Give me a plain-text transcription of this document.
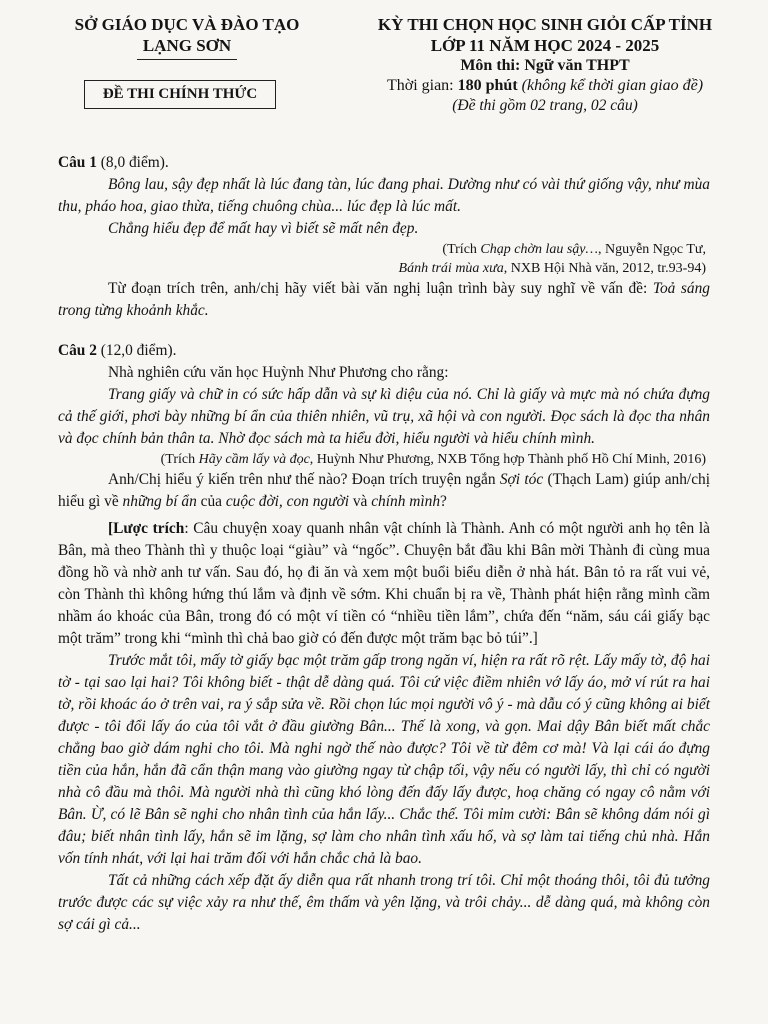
SỞ GIÁO DỤC VÀ ĐÀO TẠO
LẠNG SƠN
ĐỀ THI CHÍNH THỨC
KỲ THI CHỌN HỌC SINH GIỎI CẤP TỈNH
LỚP 11 NĂM HỌC 2024 - 2025
Môn thi: Ngữ văn THPT
Thời gian: 180 phút (không kể thời gian giao đề)
(Đề thi gồm 02 trang, 02 câu)

Câu 1 (8,0 điểm).

Bông lau, sậy đẹp nhất là lúc đang tàn, lúc đang phai. Dường như có vài thứ giống vậy, như mùa thu, pháo hoa, giao thừa, tiếng chuông chùa... lúc đẹp là lúc mất.

Chẳng hiểu đẹp để mất hay vì biết sẽ mất nên đẹp.

(Trích Chạp chờn lau sậy…, Nguyễn Ngọc Tư,
Bánh trái mùa xưa, NXB Hội Nhà văn, 2012, tr.93-94)

Từ đoạn trích trên, anh/chị hãy viết bài văn nghị luận trình bày suy nghĩ về vấn đề: Toả sáng trong từng khoảnh khắc.

Câu 2 (12,0 điểm).

Nhà nghiên cứu văn học Huỳnh Như Phương cho rằng:

Trang giấy và chữ in có sức hấp dẫn và sự kì diệu của nó. Chỉ là giấy và mực mà nó chứa đựng cả thế giới, phơi bày những bí ẩn của thiên nhiên, vũ trụ, xã hội và con người. Đọc sách là đọc tha nhân và đọc chính bản thân ta. Nhờ đọc sách mà ta hiểu đời, hiểu người và hiểu chính mình.

(Trích Hãy cầm lấy và đọc, Huỳnh Như Phương, NXB Tổng hợp Thành phố Hồ Chí Minh, 2016)

Anh/Chị hiểu ý kiến trên như thế nào? Đoạn trích truyện ngắn Sợi tóc (Thạch Lam) giúp anh/chị hiểu gì về những bí ẩn của cuộc đời, con người và chính mình?

[Lược trích: Câu chuyện xoay quanh nhân vật chính là Thành. Anh có một người anh họ tên là Bân, mà theo Thành thì y thuộc loại “giàu” và “ngốc”. Chuyện bắt đầu khi Bân mời Thành đi cùng mua đồng hồ và nhờ anh tư vấn. Sau đó, họ đi ăn và xem một buổi biểu diễn ở nhà hát. Bân tỏ ra rất vui vẻ, còn Thành thì không hứng thú lắm và định về sớm. Khi chuẩn bị ra về, Thành phát hiện rằng mình cầm nhầm áo khoác của Bân, trong đó có một ví tiền có “nhiều tiền lắm”, chứa đến “năm, sáu cái giấy bạc một trăm” trong khi “mình thì chả bao giờ có đến được một trăm bạc bỏ túi”.]

Trước mắt tôi, mấy tờ giấy bạc một trăm gấp trong ngăn ví, hiện ra rất rõ rệt. Lấy mấy tờ, độ hai tờ - tại sao lại hai? Tôi không biết - thật dễ dàng quá. Tôi cứ việc điềm nhiên vớ lấy áo, mở ví rút ra hai tờ, rồi khoác áo ở trên vai, ra ý sắp sửa về. Rồi chọn lúc mọi người vô ý - mà dẫu có ý cũng không ai biết được - tôi đổi lấy áo của tôi vắt ở đầu giường Bân... Thế là xong, và gọn. Mai dậy Bân biết mất chắc chẳng bao giờ dám nghi cho tôi. Mà nghi ngờ thế nào được? Tôi về từ đêm cơ mà! Và lại cái áo đựng tiền của hắn, hắn đã cẩn thận mang vào giường ngay từ chập tối, vậy nếu có người lấy, thì chỉ có người nhà cô đầu mà thôi. Mà người nhà thì cũng khó lòng đến đấy lấy được, hoạ chăng có ngay cô nằm với Bân. Ừ, có lẽ Bân sẽ nghi cho nhân tình của hắn lấy... Chắc thế. Tôi mỉm cười: Bân sẽ không dám nói gì đâu; biết nhân tình lấy, hắn sẽ im lặng, sợ làm cho nhân tình xấu hổ, và sợ làm tai tiếng chủ nhà. Hắn vốn tính nhát, với lại hai trăm đối với hắn chắc chả là bao.

Tất cả những cách xếp đặt ấy diễn qua rất nhanh trong trí tôi. Chỉ một thoáng thôi, tôi đủ tưởng trước được các sự việc xảy ra như thế, êm thấm và yên lặng, và trôi chảy... dễ dàng quá, mà không còn sợ cái gì cả...
